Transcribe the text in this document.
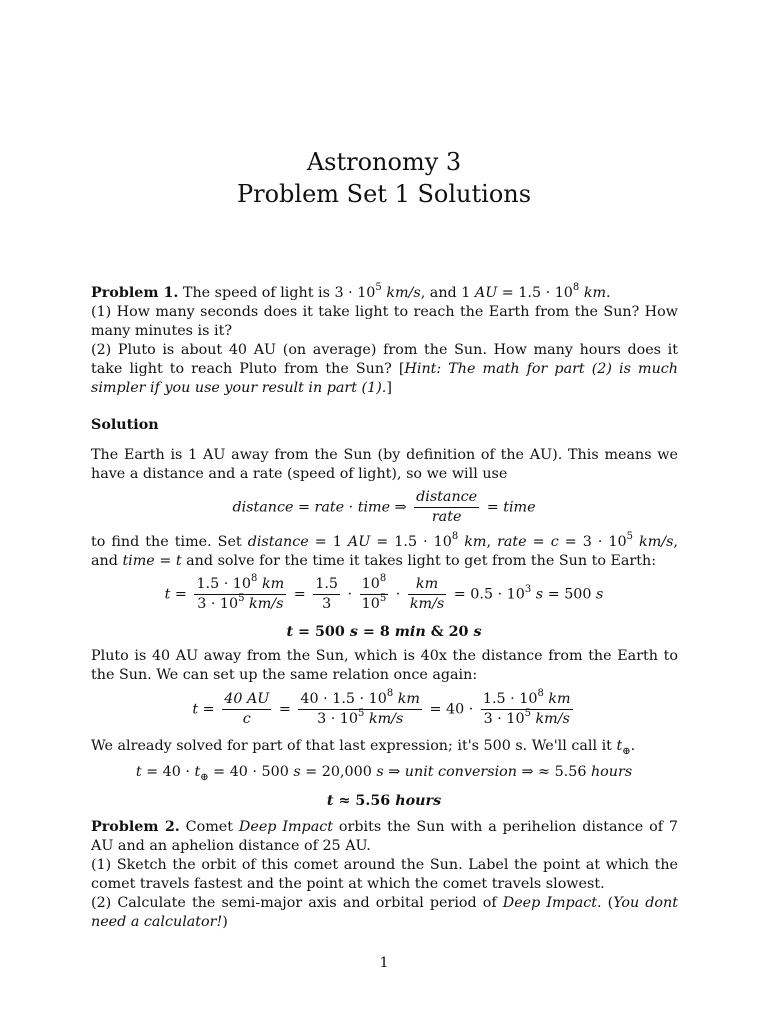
Astronomy 3
Problem Set 1 Solutions
Problem 1. The speed of light is $3 \cdot 10^5$ km/s, and 1 AU = $1.5 \cdot 10^8$ km.
(1) How many seconds does it take light to reach the Earth from the Sun? How many minutes is it?
(2) Pluto is about 40 AU (on average) from the Sun. How many hours does it take light to reach Pluto from the Sun? [Hint: The math for part (2) is much simpler if you use your result in part (1).]
Solution
The Earth is 1 AU away from the Sun (by definition of the AU). This means we have a distance and a rate (speed of light), so we will use
distance = rate · time ⇒ $\frac{\text{distance}}{\text{rate}}$ = time
to find the time. Set distance = 1 AU = $1.5 \cdot 10^8$ km, rate = $c = 3 \cdot 10^5$ km/s, and time = t and solve for the time it takes light to get from the Sun to Earth:
$t = \frac{1.5 \cdot 10^8 km}{3 \cdot 10^5 km/s} = \frac{1.5}{3} \cdot \frac{10^8}{10^5} \cdot \frac{km}{km/s} = 0.5 \cdot 10^3$ s = 500 s
t = 500 s = 8 min & 20 s
Pluto is 40 AU away from the Sun, which is 40x the distance from the Earth to the Sun. We can set up the same relation once again:
$t = \frac{40 AU}{c} = \frac{40 \cdot 1.5 \cdot 10^8 km}{3 \cdot 10^5 km/s} = 40 \cdot \frac{1.5 \cdot 10^8 km}{3 \cdot 10^5 km/s}$
We already solved for part of that last expression; it's 500 s. We'll call it $t_\oplus$.
$t = 40 \cdot t_\oplus = 40 \cdot 500$ s = 20,000 s ⇒ unit conversion ⇒ ≈ 5.56 hours
t ≈ 5.56 hours
Problem 2. Comet Deep Impact orbits the Sun with a perihelion distance of 7 AU and an aphelion distance of 25 AU.
(1) Sketch the orbit of this comet around the Sun. Label the point at which the comet travels fastest and the point at which the comet travels slowest.
(2) Calculate the semi-major axis and orbital period of Deep Impact. (You dont need a calculator!)
1
